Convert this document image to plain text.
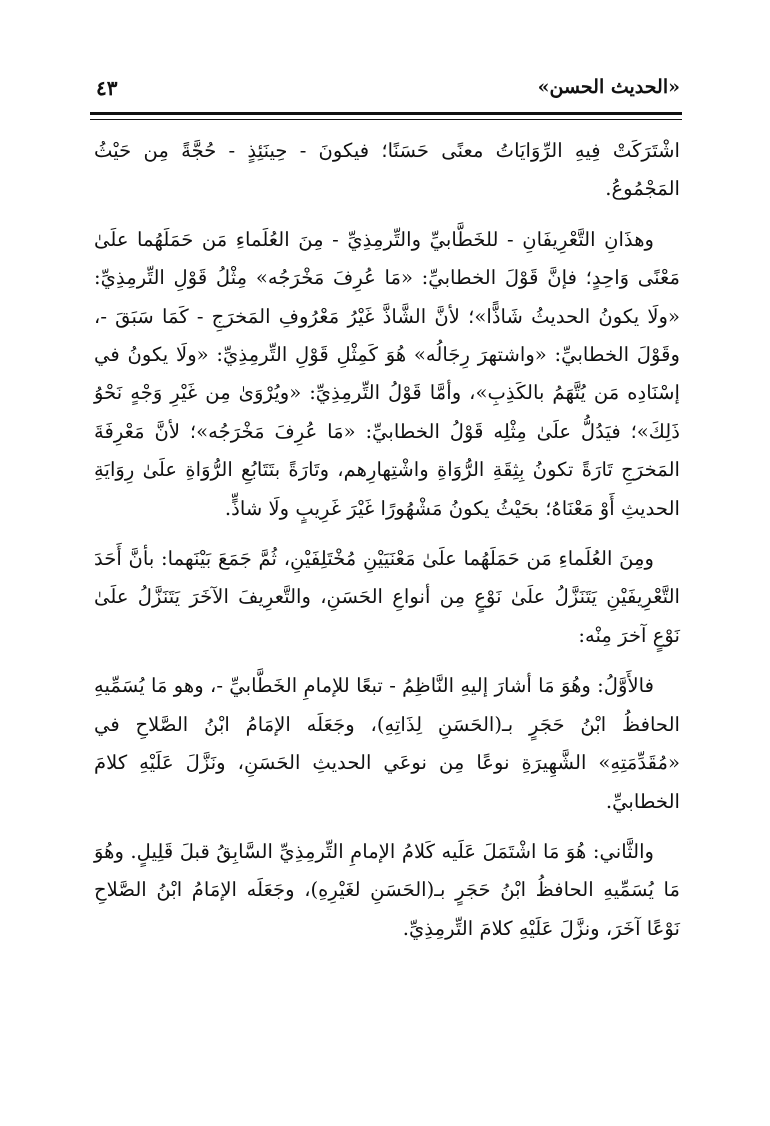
«الحديث الحسن»
٤٣

اشْتَرَكَتْ فِيهِ الرِّوَايَاتُ معنًى حَسَنًا؛ فيكونَ - حِينَئِذٍ - حُجَّةً مِن حَيْثُ المَجْمُوعُ.

وهذَانِ التَّعْرِيفَانِ - للخَطَّابيِّ والتِّرمِذِيِّ - مِنَ العُلَماءِ مَن حَمَلَهُما علَىٰ مَعْنًى وَاحِدٍ؛ فإنَّ قَوْلَ الخطابيِّ: «مَا عُرِفَ مَخْرَجُه» مِثْلُ قَوْلِ التِّرمِذِيِّ: «ولَا يكونُ الحديثُ شَاذًّا»؛ لأنَّ الشَّاذَّ غَيْرُ مَعْرُوفِ المَخرَجِ - كَمَا سَبَقَ -، وقَوْلَ الخطابيِّ: «واشتهرَ رِجَالُه» هُوَ كَمِثْلِ قَوْلِ التِّرمِذِيِّ: «ولَا يكونُ في إسْنَادِه مَن يُتَّهَمُ بالكَذِبِ»، وأمَّا قَوْلُ التِّرمِذِيِّ: «ويُرْوَىٰ مِن غَيْرِ وَجْهٍ نَحْوُ ذَلِكَ»؛ فيَدُلُّ علَىٰ مِثْلِه قَوْلُ الخطابيِّ: «مَا عُرِفَ مَخْرَجُه»؛ لأنَّ مَعْرِفَةَ المَخرَجِ تَارَةً تكونُ بِثِقَةِ الرُّوَاةِ واشْتِهارِهم، وتَارَةً بتَتَابُعِ الرُّوَاةِ علَىٰ رِوَايَةِ الحديثِ أَوْ مَعْنَاهُ؛ بحَيْثُ يكونُ مَشْهُورًا غَيْرَ غَرِيبٍ ولَا شاذٍّ.

ومِنَ العُلَماءِ مَن حَمَلَهُما علَىٰ مَعْنَيَيْنِ مُخْتَلِفَيْنِ، ثُمَّ جَمَعَ بَيْنَهما: بأنَّ أَحَدَ التَّعْرِيفَيْنِ يَتَنَزَّلُ علَىٰ نَوْعٍ مِن أنواعِ الحَسَنِ، والتَّعرِيفَ الآخَرَ يَتَنَزَّلُ علَىٰ نَوْعٍ آخرَ مِنْه:

فالأَوَّلُ: وهُوَ مَا أشارَ إليهِ النَّاظِمُ - تبعًا للإمامِ الخَطَّابيِّ -، وهو مَا يُسَمِّيهِ الحافظُ ابْنُ حَجَرٍ بـ(الحَسَنِ لِذَاتِهِ)، وجَعَلَه الإمَامُ ابْنُ الصَّلاحِ في «مُقَدِّمَتِهِ» الشَّهِيرَةِ نوعًا مِن نوعَي الحديثِ الحَسَنِ، ونَزَّلَ عَلَيْهِ كلامَ الخطابيِّ.

والثَّاني: هُوَ مَا اشْتَمَلَ عَلَيه كَلامُ الإمامِ التِّرمِذِيِّ السَّابِقُ قبلَ قَلِيلٍ. وهُوَ مَا يُسَمِّيهِ الحافظُ ابْنُ حَجَرٍ بـ(الحَسَنِ لغَيْرِهِ)، وجَعَلَه الإمَامُ ابْنُ الصَّلاحِ نَوْعًا آخَرَ، ونزَّلَ عَلَيْهِ كلامَ التِّرمِذِيِّ.
